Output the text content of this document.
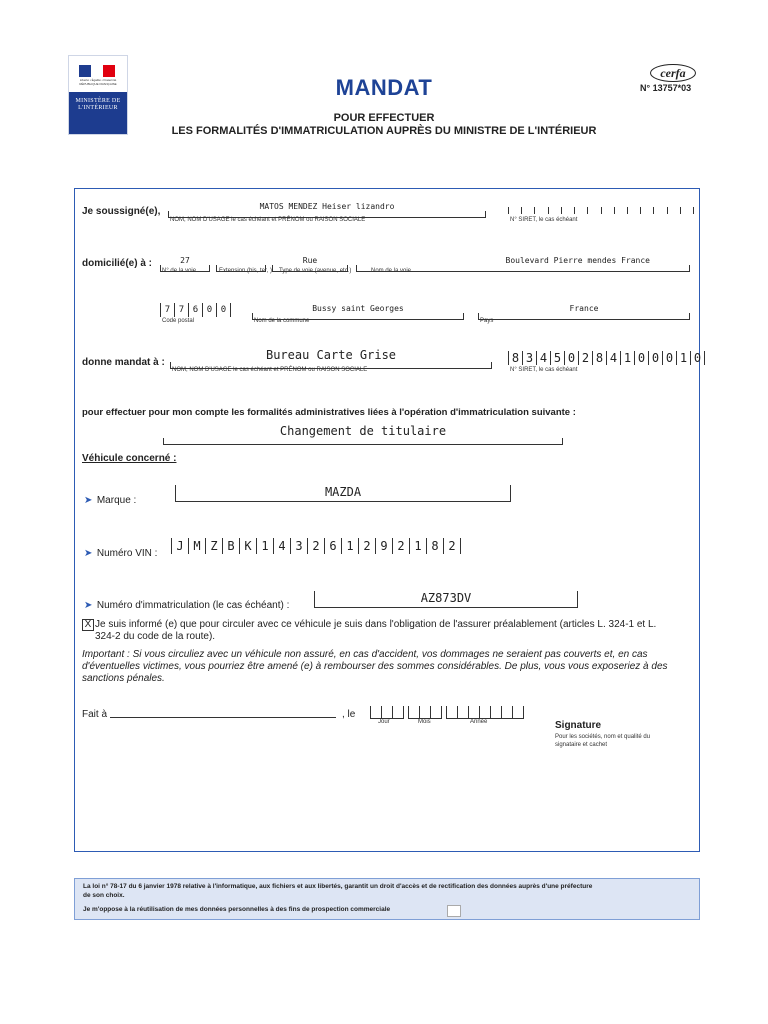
Liberté • Égalité • Fraternité RÉPUBLIQUE FRANÇAISE
MINISTÈRE DE L'INTÉRIEUR
MANDAT
POUR EFFECTUER
LES FORMALITÉS D'IMMATRICULATION AUPRÈS DU MINISTRE DE L'INTÉRIEUR
cerfa
N° 13757*03
Je soussigné(e),	MATOS MENDEZ Heiser lizandro
NOM, NOM D'USAGE le cas échéant et PRÉNOM ou RAISON SOCIALE	N° SIRET, le cas échéant
domicilié(e) à :	27
	Rue	Boulevard Pierre mendes France
N° de la voie	Extension (bis, ter, ) Type de voie (avenue, etc.)	Nom de la voie
7 7 6 0 0	Bussy saint Georges	France
Code postal	Nom de la commune	Pays
donne mandat à :
Bureau Carte Grise
NOM, NOM D'USAGE le cas échéant et PRÉNOM ou RAISON SOCIALE
8 3 4 5 0 2 8 4 1 0 0 0 1 0
N° SIRET, le cas échéant
pour effectuer pour mon compte les formalités administratives liées à l'opération d'immatriculation suivante :
Changement de titulaire
Véhicule concerné :
➤ Marque :
MAZDA
➤ Numéro VIN :
J M Z B K 1 4 3 2 6 1 2 9 2 1 8 2
➤ Numéro d'immatriculation (le cas échéant) :
AZ873DV
X Je suis informé (e) que pour circuler avec ce véhicule je suis dans l'obligation de l'assurer préalablement (articles L. 324-1 et L.
324-2 du code de la route).
Important : Si vous circuliez avec un véhicule non assuré, en cas d'accident, vos dommages ne seraient pas couverts et, en cas
d'éventuelles victimes, vous pourriez être amené (e) à rembourser des sommes considérables. De plus, vous vous exposeriez à des
sanctions pénales.
Fait à	, le
Jour	Mois	Année	Signature
Pour les sociétés, nom et qualité du signataire et cachet
La loi n° 78-17 du 6 janvier 1978 relative à l'informatique, aux fichiers et aux libertés, garantit un droit d'accès et de rectification des données auprès d'une préfecture
de son choix.
Je m'oppose à la réutilisation de mes données personnelles à des fins de prospection commerciale
